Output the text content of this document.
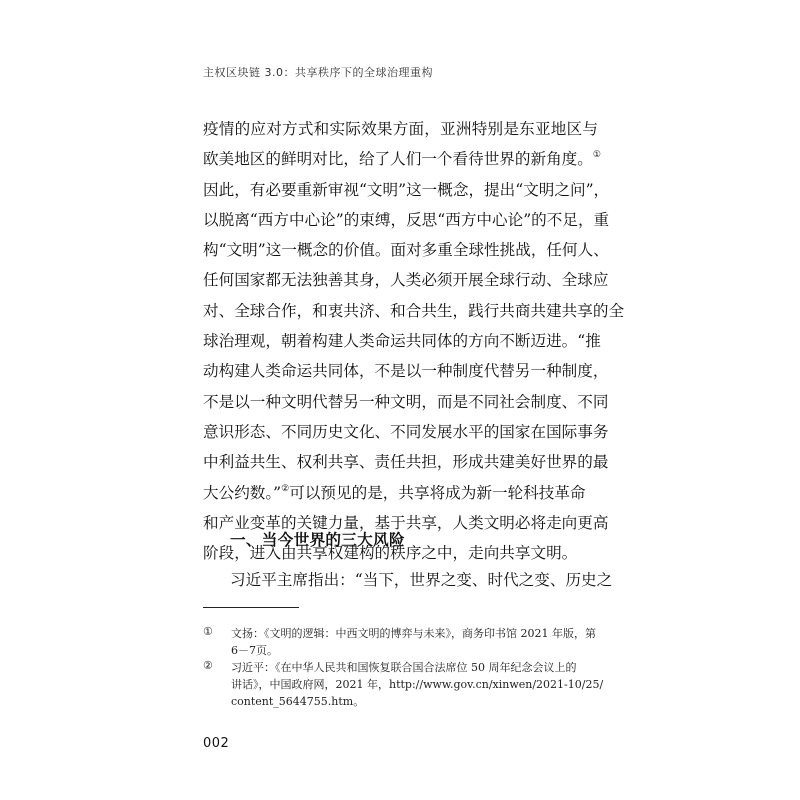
主权区块链 3.0：共享秩序下的全球治理重构
疫情的应对方式和实际效果方面，亚洲特别是东亚地区与
欧美地区的鲜明对比，给了人们一个看待世界的新角度。①
因此，有必要重新审视“文明”这一概念，提出“文明之问”，
以脱离“西方中心论”的束缚，反思“西方中心论”的不足，重
构“文明”这一概念的价值。面对多重全球性挑战，任何人、
任何国家都无法独善其身，人类必须开展全球行动、全球应
对、全球合作，和衷共济、和合共生，践行共商共建共享的全
球治理观，朝着构建人类命运共同体的方向不断迈进。“推
动构建人类命运共同体，不是以一种制度代替另一种制度，
不是以一种文明代替另一种文明，而是不同社会制度、不同
意识形态、不同历史文化、不同发展水平的国家在国际事务
中利益共生、权利共享、责任共担，形成共建美好世界的最
大公约数。”②可以预见的是，共享将成为新一轮科技革命
和产业变革的关键力量，基于共享，人类文明必将走向更高
阶段，进入由共享权建构的秩序之中，走向共享文明。
一、当今世界的三大风险
习近平主席指出：“当下，世界之变、时代之变、历史之
①	文扬：《文明的逻辑：中西文明的博弈与未来》，商务印书馆 2021 年版，第
6－7页。
②	习近平：《在中华人民共和国恢复联合国合法席位 50 周年纪念会议上的
讲话》，中国政府网，2021 年，http://www.gov.cn/xinwen/2021-10/25/
content_5644755.htm。
002
